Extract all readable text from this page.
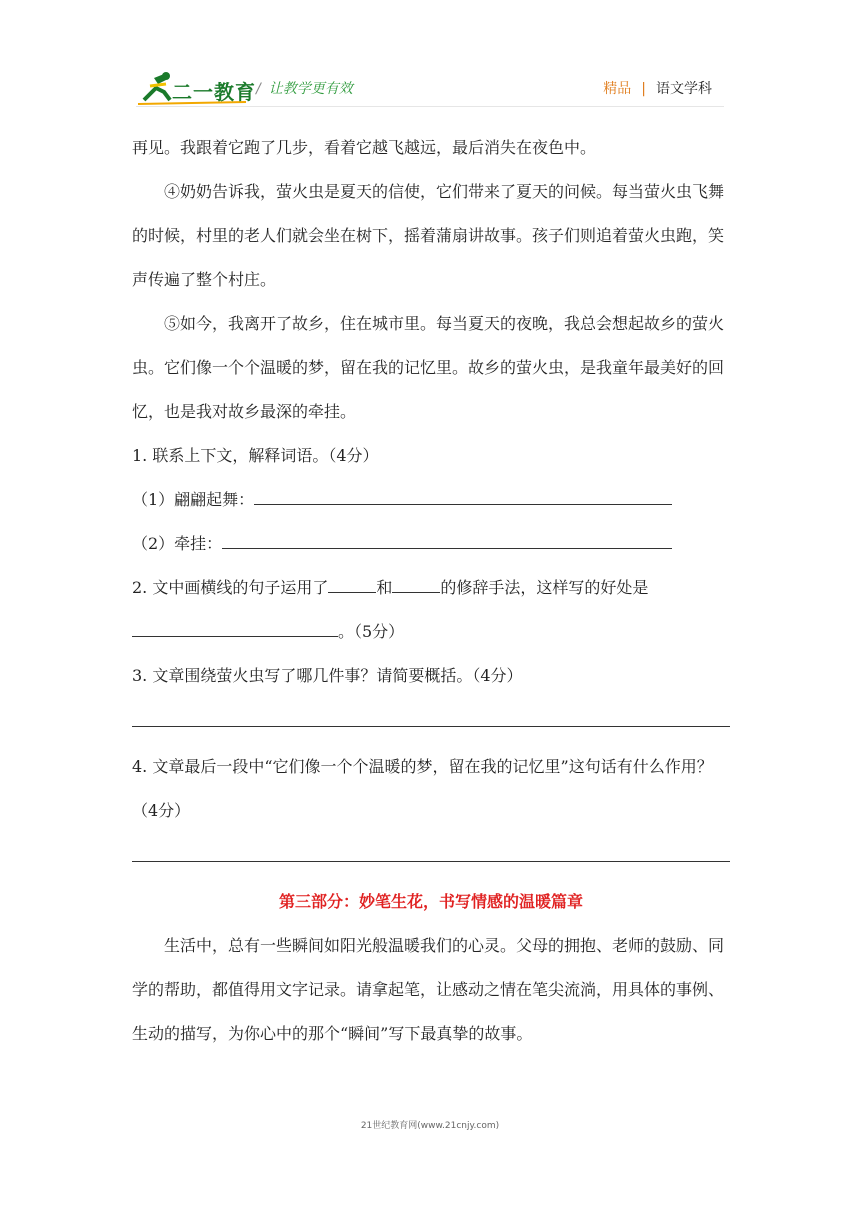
二一教育 / 让教学更有效	精品 | 语文学科

再见。我跟着它跑了几步，看着它越飞越远，最后消失在夜色中。

④奶奶告诉我，萤火虫是夏天的信使，它们带来了夏天的问候。每当萤火虫飞舞的时候，村里的老人们就会坐在树下，摇着蒲扇讲故事。孩子们则追着萤火虫跑，笑声传遍了整个村庄。

⑤如今，我离开了故乡，住在城市里。每当夏天的夜晚，我总会想起故乡的萤火虫。它们像一个个温暖的梦，留在我的记忆里。故乡的萤火虫，是我童年最美好的回忆，也是我对故乡最深的牵挂。

1. 联系上下文，解释词语。（4分）

（1）翩翩起舞：

（2）牵挂：

2. 文中画横线的句子运用了	和	的修辞手法，这样写的好处是

。（5分）

3. 文章围绕萤火虫写了哪几件事？请简要概括。（4分）

4. 文章最后一段中“它们像一个个温暖的梦，留在我的记忆里”这句话有什么作用？（4分）

第三部分：妙笔生花，书写情感的温暖篇章

生活中，总有一些瞬间如阳光般温暖我们的心灵。父母的拥抱、老师的鼓励、同学的帮助，都值得用文字记录。请拿起笔，让感动之情在笔尖流淌，用具体的事例、生动的描写，为你心中的那个“瞬间”写下最真挚的故事。

21世纪教育网(www.21cnjy.com)
